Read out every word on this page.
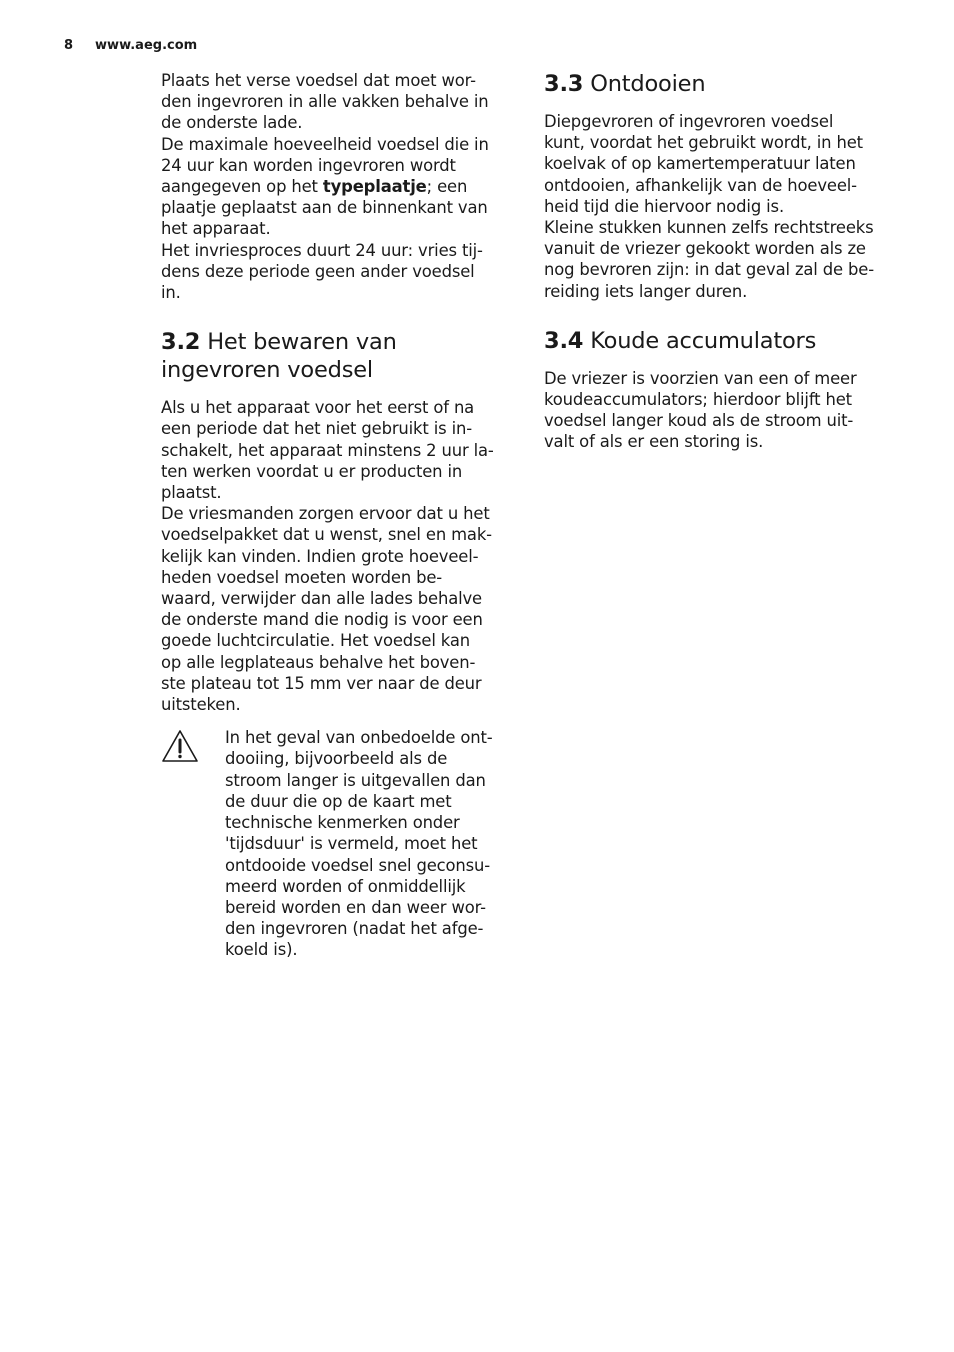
8 www.aeg.com
Plaats het verse voedsel dat moet wor-
den ingevroren in alle vakken behalve in
de onderste lade.
De maximale hoeveelheid voedsel die in
24 uur kan worden ingevroren wordt
aangegeven op het typeplaatje; een
plaatje geplaatst aan de binnenkant van
het apparaat.
Het invriesproces duurt 24 uur: vries tij-
dens deze periode geen ander voedsel
in.
3.2 Het bewaren van
ingevroren voedsel
Als u het apparaat voor het eerst of na
een periode dat het niet gebruikt is in-
schakelt, het apparaat minstens 2 uur la-
ten werken voordat u er producten in
plaatst.
De vriesmanden zorgen ervoor dat u het
voedselpakket dat u wenst, snel en mak-
kelijk kan vinden. Indien grote hoeveel-
heden voedsel moeten worden be-
waard, verwijder dan alle lades behalve
de onderste mand die nodig is voor een
goede luchtcirculatie. Het voedsel kan
op alle legplateaus behalve het boven-
ste plateau tot 15 mm ver naar de deur
uitsteken.
In het geval van onbedoelde ont-
dooiing, bijvoorbeeld als de
stroom langer is uitgevallen dan
de duur die op de kaart met
technische kenmerken onder
'tijdsduur' is vermeld, moet het
ontdooide voedsel snel geconsu-
meerd worden of onmiddellijk
bereid worden en dan weer wor-
den ingevroren (nadat het afge-
koeld is).
3.3 Ontdooien
Diepgevroren of ingevroren voedsel
kunt, voordat het gebruikt wordt, in het
koelvak of op kamertemperatuur laten
ontdooien, afhankelijk van de hoeveel-
heid tijd die hiervoor nodig is.
Kleine stukken kunnen zelfs rechtstreeks
vanuit de vriezer gekookt worden als ze
nog bevroren zijn: in dat geval zal de be-
reiding iets langer duren.
3.4 Koude accumulators
De vriezer is voorzien van een of meer
koudeaccumulators; hierdoor blijft het
voedsel langer koud als de stroom uit-
valt of als er een storing is.
